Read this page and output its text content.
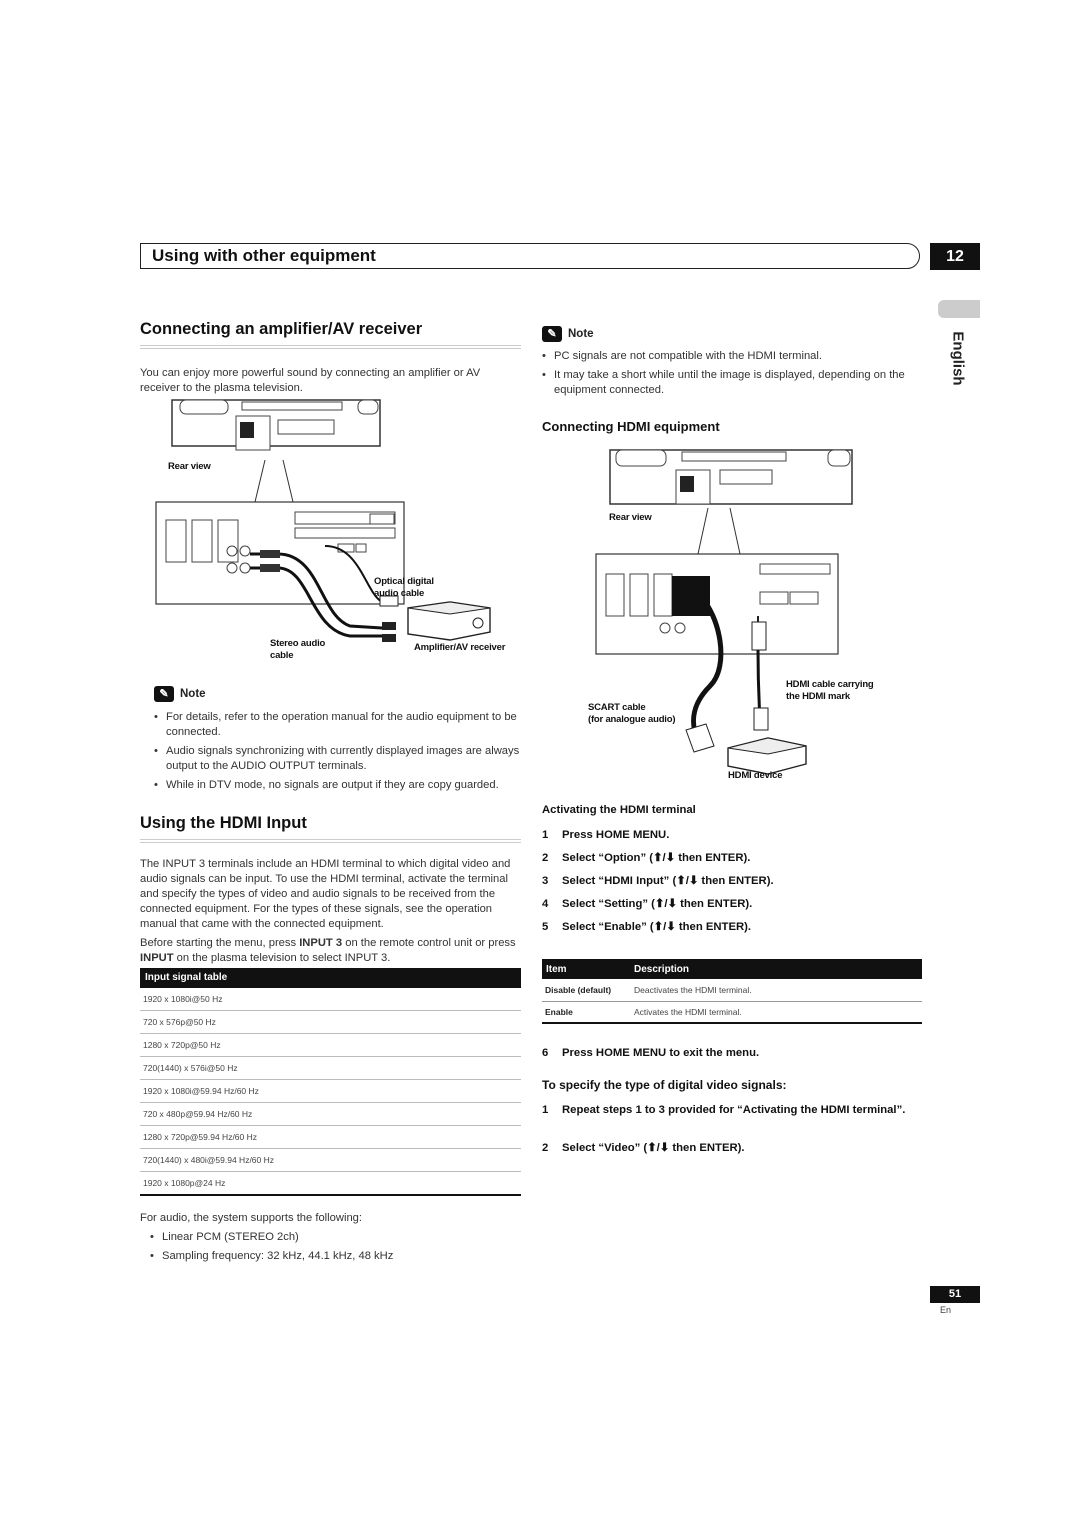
Using with other equipment	12
English
Connecting an amplifier/AV receiver
You can enjoy more powerful sound by connecting an amplifier or AV receiver to the plasma television.
Rear view
Optical digital audio cable
Stereo audio cable
Amplifier/AV receiver
✎ Note
• For details, refer to the operation manual for the audio equipment to be connected.
• Audio signals synchronizing with currently displayed images are always output to the AUDIO OUTPUT terminals.
• While in DTV mode, no signals are output if they are copy guarded.
Using the HDMI Input
The INPUT 3 terminals include an HDMI terminal to which digital video and audio signals can be input. To use the HDMI terminal, activate the terminal and specify the types of video and audio signals to be received from the connected equipment. For the types of these signals, see the operation manual that came with the connected equipment.
Before starting the menu, press INPUT 3 on the remote control unit or press INPUT on the plasma television to select INPUT 3.
Input signal table
1920 x 1080i@50 Hz
720 x 576p@50 Hz
1280 x 720p@50 Hz
720(1440) x 576i@50 Hz
1920 x 1080i@59.94 Hz/60 Hz
720 x 480p@59.94 Hz/60 Hz
1280 x 720p@59.94 Hz/60 Hz
720(1440) x 480i@59.94 Hz/60 Hz
1920 x 1080p@24 Hz
For audio, the system supports the following:
• Linear PCM (STEREO 2ch)
• Sampling frequency: 32 kHz, 44.1 kHz, 48 kHz
✎ Note
• PC signals are not compatible with the HDMI terminal.
• It may take a short while until the image is displayed, depending on the equipment connected.
Connecting HDMI equipment
Rear view
HDMI cable carrying the HDMI mark
SCART cable
(for analogue audio)
HDMI device
Activating the HDMI terminal
1 Press HOME MENU.
2 Select “Option” (⬆/⬇ then ENTER).
3 Select “HDMI Input” (⬆/⬇ then ENTER).
4 Select “Setting” (⬆/⬇ then ENTER).
5 Select “Enable” (⬆/⬇ then ENTER).
Item	Description
Disable (default)	Deactivates the HDMI terminal.
Enable	Activates the HDMI terminal.
6 Press HOME MENU to exit the menu.
To specify the type of digital video signals:
1 Repeat steps 1 to 3 provided for “Activating the HDMI terminal”.
2 Select “Video” (⬆/⬇ then ENTER).
51
En
